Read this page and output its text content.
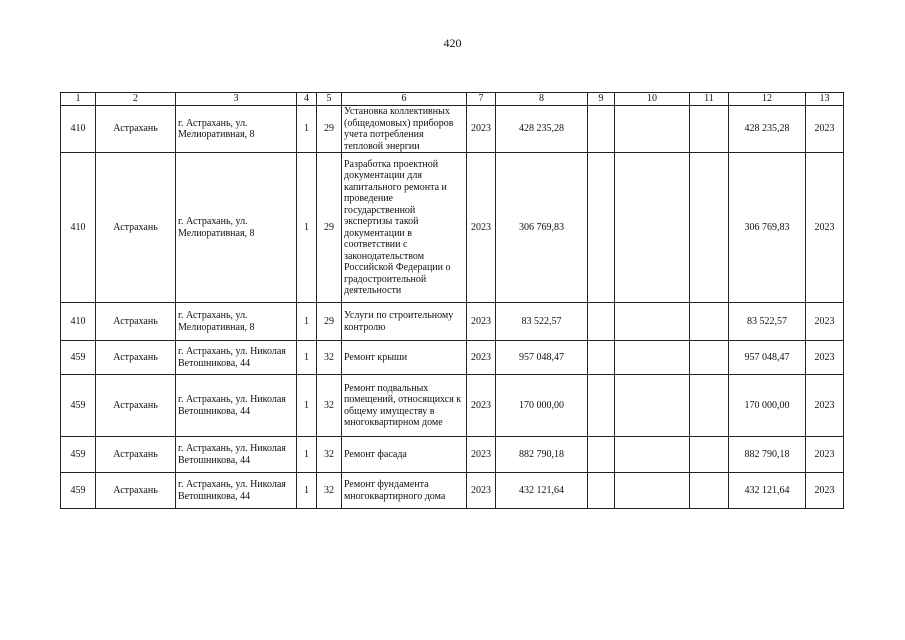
420
1	2	3	4	5	6	7	8	9	10	11	12	13
410	Астрахань	г. Астрахань, ул. Мелиоративная, 8	1	29	Установка коллективных (общедомовых) приборов учета потребления тепловой энергии	2023	428 235,28				428 235,28	2023
410	Астрахань	г. Астрахань, ул. Мелиоративная, 8	1	29	Разработка проектной документации для капитального ремонта и проведение государственной экспертизы такой документации в соответствии с законодательством Российской Федерации о градостроительной деятельности	2023	306 769,83				306 769,83	2023
410	Астрахань	г. Астрахань, ул. Мелиоративная, 8	1	29	Услуги по строительному контролю	2023	83 522,57				83 522,57	2023
459	Астрахань	г. Астрахань, ул. Николая Ветошникова, 44	1	32	Ремонт крыши	2023	957 048,47				957 048,47	2023
459	Астрахань	г. Астрахань, ул. Николая Ветошникова, 44	1	32	Ремонт подвальных помещений, относящихся к общему имуществу в многоквартирном доме	2023	170 000,00				170 000,00	2023
459	Астрахань	г. Астрахань, ул. Николая Ветошникова, 44	1	32	Ремонт фасада	2023	882 790,18				882 790,18	2023
459	Астрахань	г. Астрахань, ул. Николая Ветошникова, 44	1	32	Ремонт фундамента многоквартирного дома	2023	432 121,64				432 121,64	2023
